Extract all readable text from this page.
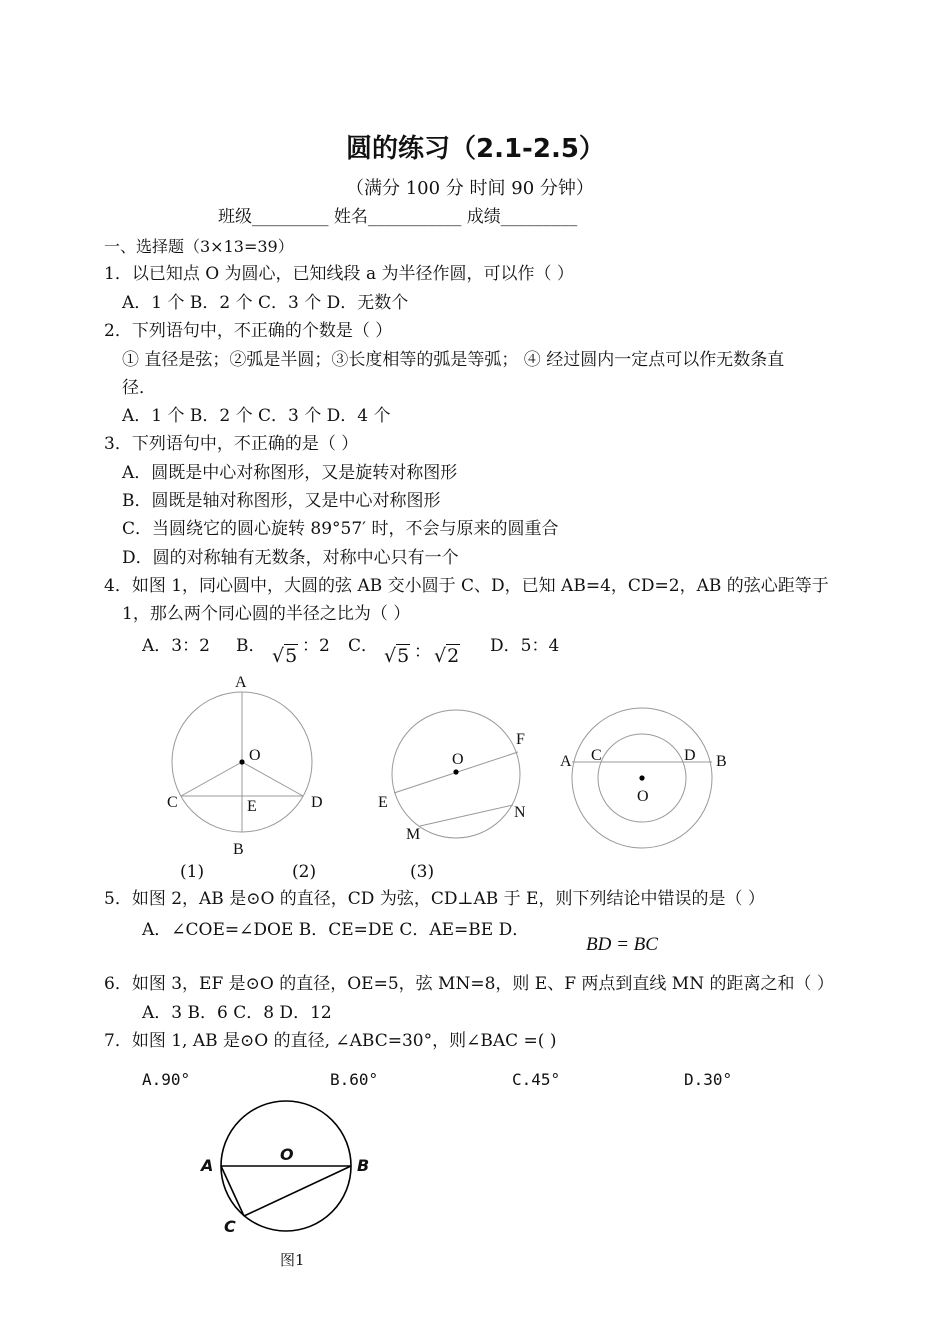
圆的练习（2.1-2.5）
（满分 100 分 时间 90 分钟）
班级_________ 姓名___________ 成绩_________
一、选择题（3×13=39）
1．以已知点 O 为圆心，已知线段 a 为半径作圆，可以作（ ）
A．1 个 B．2 个 C．3 个 D．无数个
2．下列语句中，不正确的个数是（ ）
① 直径是弦；②弧是半圆；③长度相等的弧是等弧； ④ 经过圆内一定点可以作无数条直
径．
A．1 个 B．2 个 C．3 个 D．4 个
3．下列语句中，不正确的是（ ）
A．圆既是中心对称图形，又是旋转对称图形
B．圆既是轴对称图形，又是中心对称图形
C．当圆绕它的圆心旋转 89°57′ 时，不会与原来的圆重合
D．圆的对称轴有无数条，对称中心只有一个
4．如图 1，同心圆中，大圆的弦 AB 交小圆于 C、D，已知 AB=4，CD=2，AB 的弦心距等于
1，那么两个同心圆的半径之比为（ ）
A．3：2 B． √5 ：2 C． √5 ： √2 D．5：4
A
O
C	E	D
B
(1)
O
F
E
N
M
(2)
A C	D B
O
(3)
5．如图 2，AB 是⊙O 的直径，CD 为弦，CD⊥AB 于 E，则下列结论中错误的是（ ）
A．∠COE=∠DOE B．CE=DE C．AE=BE D．
BD = BC
6．如图 3，EF 是⊙O 的直径，OE=5，弦 MN=8，则 E、F 两点到直线 MN 的距离之和（ ）
A．3 B．6 C．8 D．12
7．如图 1, AB 是⊙O 的直径, ∠ABC=30°，则∠BAC =( )
A.90°	B.60°	C.45°	D.30°
O
A	B
C
图1
